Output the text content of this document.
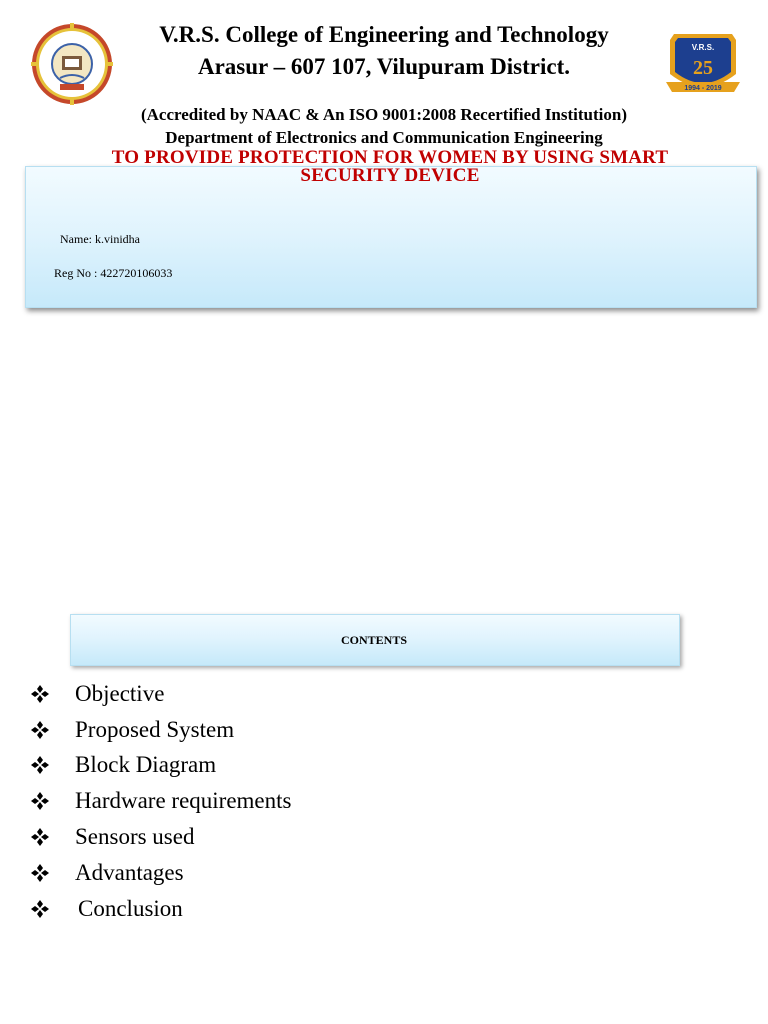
V.R.S.
25
1994 - 2019
V.R.S. College of Engineering and Technology
Arasur – 607 107, Vilupuram District.
(Accredited by NAAC & An ISO 9001:2008 Recertified Institution)
Department of Electronics and Communication Engineering
TO PROVIDE PROTECTION FOR WOMEN BY USING SMART
SECURITY DEVICE
Name: k.vinidha
Reg No : 422720106033
CONTENTS
Objective
Proposed System
Block Diagram
Hardware requirements
Sensors used
Advantages
Conclusion
